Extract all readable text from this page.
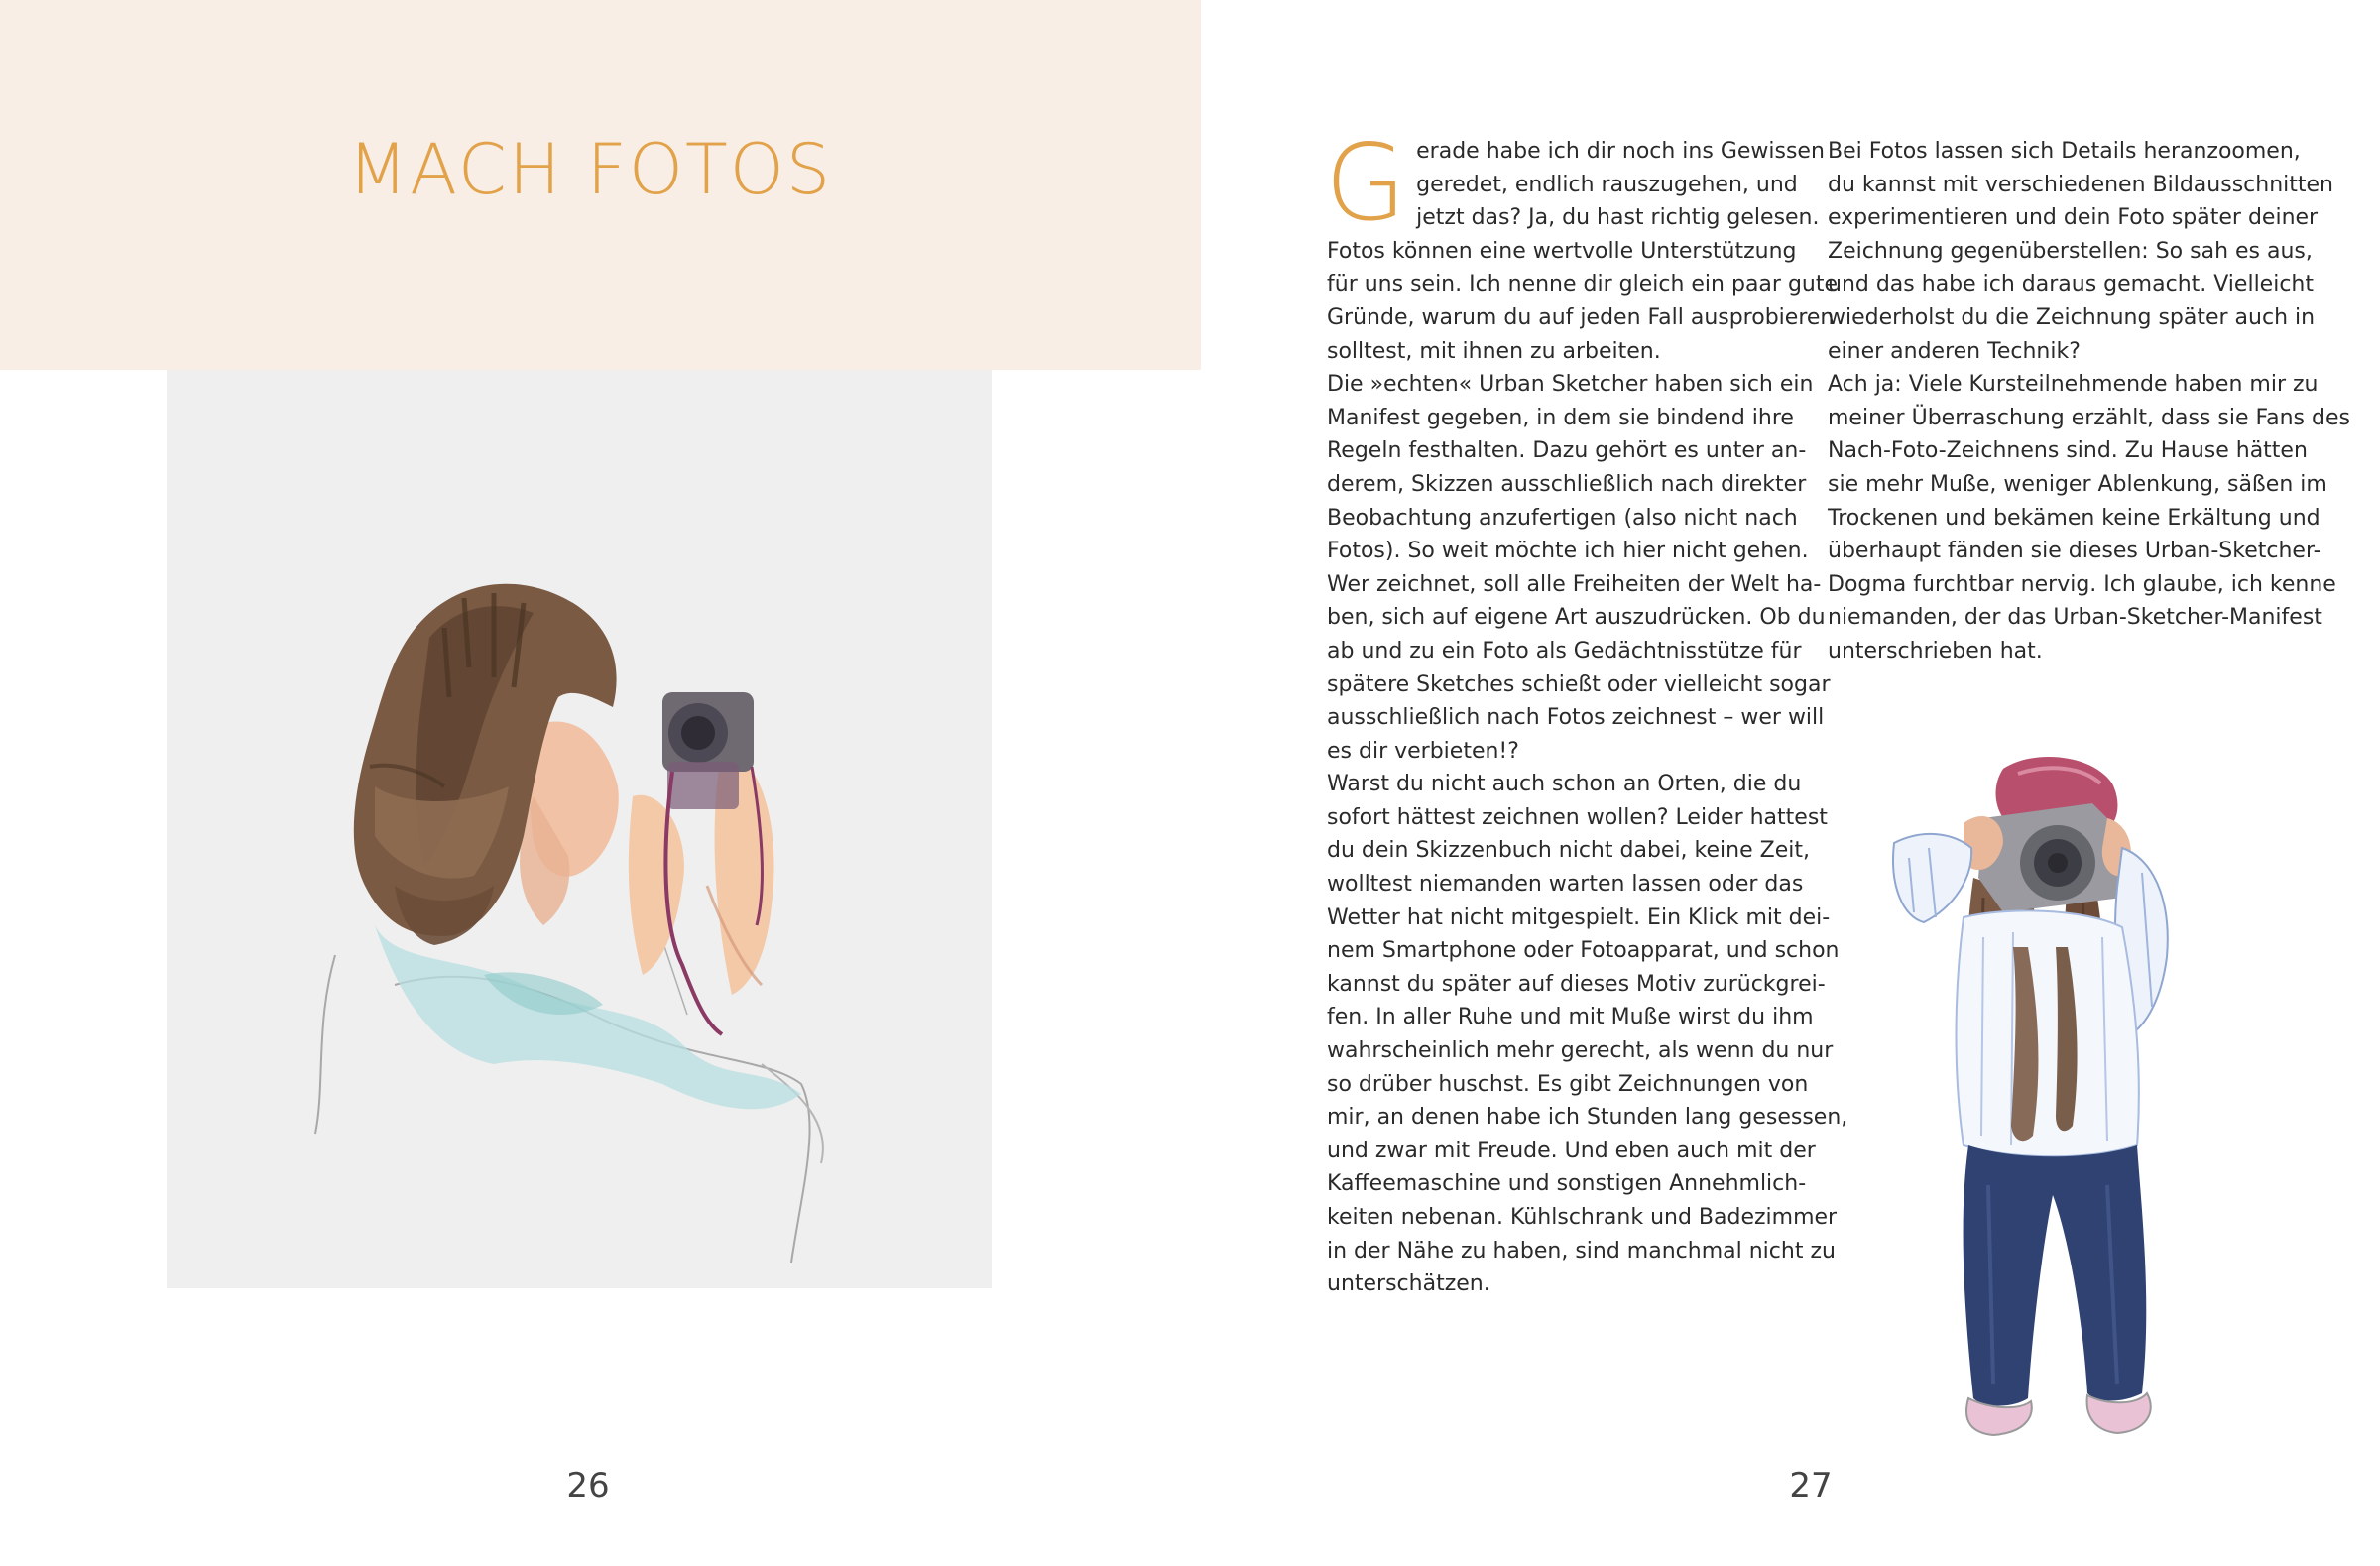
MACH FOTOS
26
G erade habe ich dir noch ins Gewissen
geredet, endlich rauszugehen, und
jetzt das? Ja, du hast richtig gelesen.
Fotos können eine wertvolle Unterstützung
für uns sein. Ich nenne dir gleich ein paar gute
Gründe, warum du auf jeden Fall ausprobieren
solltest, mit ihnen zu arbeiten.
Die »echten« Urban Sketcher haben sich ein
Manifest gegeben, in dem sie bindend ihre
Regeln festhalten. Dazu gehört es unter an-
derem, Skizzen ausschließlich nach direkter
Beobachtung anzufertigen (also nicht nach
Fotos). So weit möchte ich hier nicht gehen.
Wer zeichnet, soll alle Freiheiten der Welt ha-
ben, sich auf eigene Art auszudrücken. Ob du
ab und zu ein Foto als Gedächtnisstütze für
spätere Sketches schießt oder vielleicht sogar
ausschließlich nach Fotos zeichnest – wer will
es dir verbieten!?
Warst du nicht auch schon an Orten, die du
sofort hättest zeichnen wollen? Leider hattest
du dein Skizzenbuch nicht dabei, keine Zeit,
wolltest niemanden warten lassen oder das
Wetter hat nicht mitgespielt. Ein Klick mit dei-
nem Smartphone oder Fotoapparat, und schon
kannst du später auf dieses Motiv zurückgrei-
fen. In aller Ruhe und mit Muße wirst du ihm
wahrscheinlich mehr gerecht, als wenn du nur
so drüber huschst. Es gibt Zeichnungen von
mir, an denen habe ich Stunden lang gesessen,
und zwar mit Freude. Und eben auch mit der
Kaffeemaschine und sonstigen Annehmlich-
keiten nebenan. Kühlschrank und Badezimmer
in der Nähe zu haben, sind manchmal nicht zu
unterschätzen.
Bei Fotos lassen sich Details heranzoomen,
du kannst mit verschiedenen Bildausschnitten
experimentieren und dein Foto später deiner
Zeichnung gegenüberstellen: So sah es aus,
und das habe ich daraus gemacht. Vielleicht
wiederholst du die Zeichnung später auch in
einer anderen Technik?
Ach ja: Viele Kursteilnehmende haben mir zu
meiner Überraschung erzählt, dass sie Fans des
Nach-Foto-Zeichnens sind. Zu Hause hätten
sie mehr Muße, weniger Ablenkung, säßen im
Trockenen und bekämen keine Erkältung und
überhaupt fänden sie dieses Urban-Sketcher-
Dogma furchtbar nervig. Ich glaube, ich kenne
niemanden, der das Urban-Sketcher-Manifest
unterschrieben hat.
27
